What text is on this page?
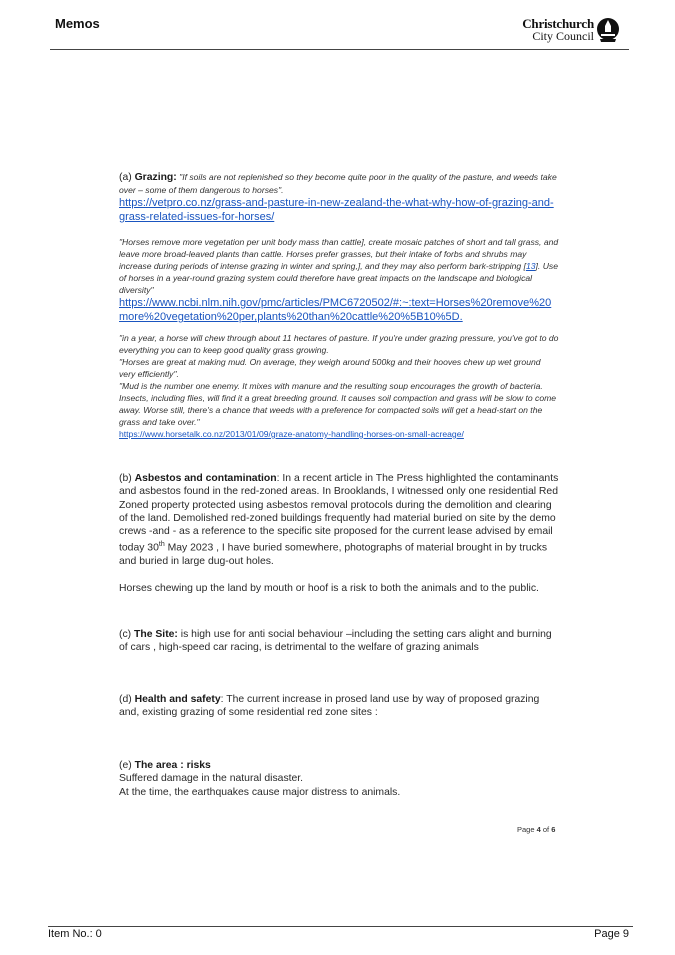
Memos	Christchurch
City Council

(a) Grazing: "If soils are not replenished so they become quite poor in the quality of the pasture, and weeds take over – some of them dangerous to horses".

https://vetpro.co.nz/grass-and-pasture-in-new-zealand-the-what-why-how-of-grazing-and-grass-related-issues-for-horses/

"Horses remove more vegetation per unit body mass than cattle], create mosaic patches of short and tall grass, and leave more broad-leaved plants than cattle. Horses prefer grasses, but their intake of forbs and shrubs may increase during periods of intense grazing in winter and spring,], and they may also perform bark-stripping [13]. Use of horses in a year-round grazing system could therefore have great impacts on the landscape and biological diversity"

https://www.ncbi.nlm.nih.gov/pmc/articles/PMC6720502/#:~:text=Horses%20remove%20more%20vegetation%20per,plants%20than%20cattle%20%5B10%5D.

"in a year, a horse will chew through about 11 hectares of pasture. If you're under grazing pressure, you've got to do everything you can to keep good quality grass growing.

"Horses are great at making mud. On average, they weigh around 500kg and their hooves chew up wet ground very efficiently".

"Mud is the number one enemy. It mixes with manure and the resulting soup encourages the growth of bacteria. Insects, including flies, will find it a great breeding ground. It causes soil compaction and grass will be slow to come away. Worse still, there's a chance that weeds with a preference for compacted soils will get a head-start on the grass and take over."

https://www.horsetalk.co.nz/2013/01/09/graze-anatomy-handling-horses-on-small-acreage/

(b) Asbestos and contamination: In a recent article in The Press highlighted the contaminants and asbestos found in the red-zoned areas. In Brooklands, I witnessed only one residential Red Zoned property protected using asbestos removal protocols during the demolition and clearing of the land. Demolished red-zoned buildings frequently had material buried on site by the demo crews -and - as a reference to the specific site proposed for the current lease advised by email today 30th May 2023 , I have buried somewhere, photographs of material brought in by trucks and buried in large dug-out holes.

Horses chewing up the land by mouth or hoof is a risk to both the animals and to the public.

(c) The Site: is high use for anti social behaviour –including the setting cars alight and burning of cars , high-speed car racing, is detrimental to the welfare of grazing animals

(d) Health and safety: The current increase in prosed land use by way of proposed grazing and, existing grazing of some residential red zone sites :

(e) The area : risks

Suffered damage in the natural disaster.

At the time, the earthquakes cause major distress to animals.

Page 4 of 6
Item No.: 0	Page 9
